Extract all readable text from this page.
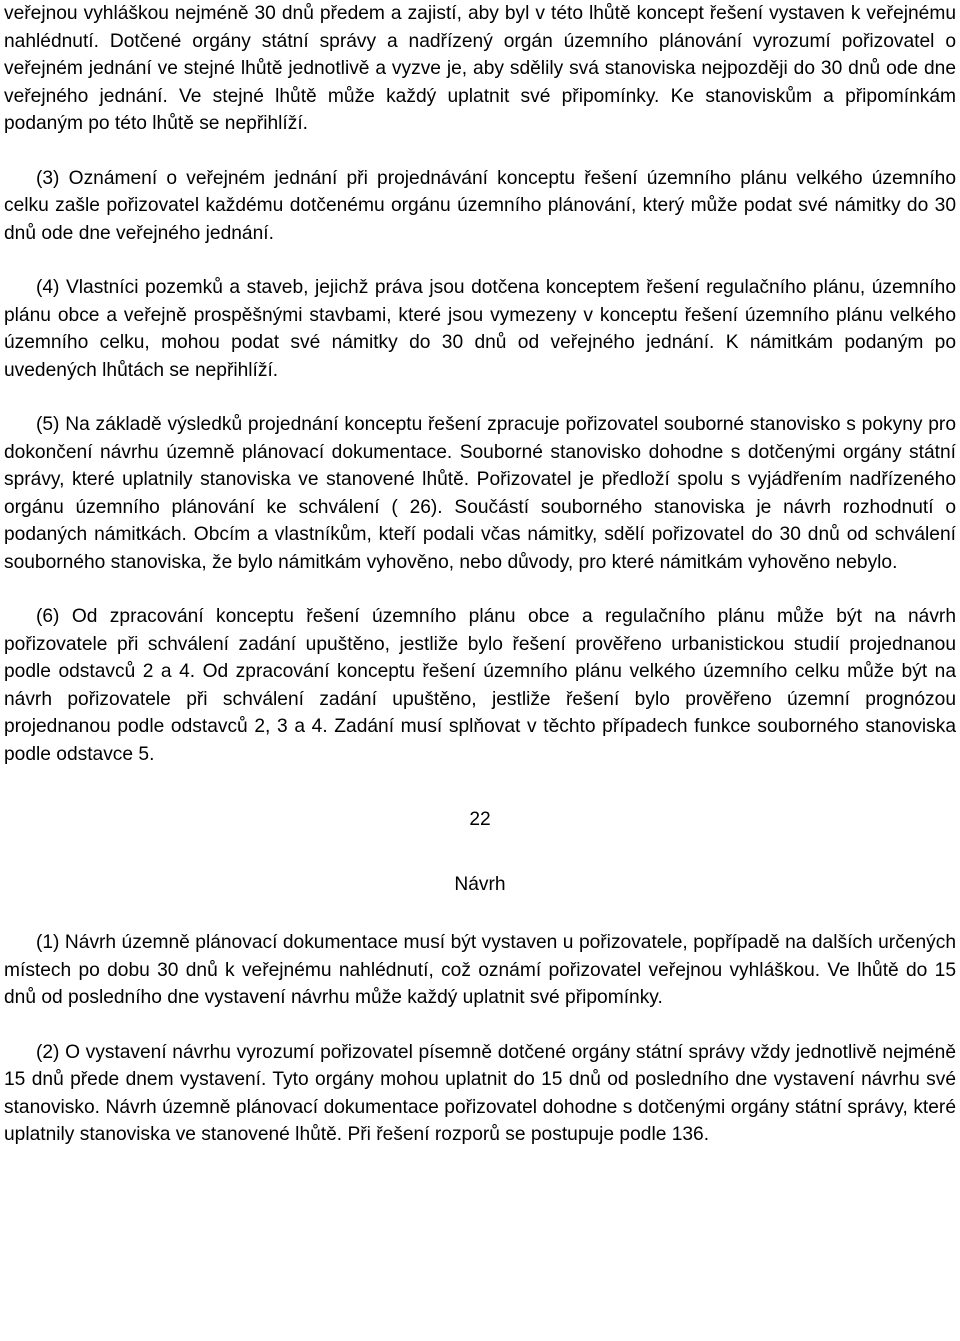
veřejnou vyhláškou nejméně 30 dnů předem a zajistí, aby byl v této lhůtě koncept řešení vystaven k veřejnému nahlédnutí. Dotčené orgány státní správy a nadřízený orgán územního plánování vyrozumí pořizovatel o veřejném jednání ve stejné lhůtě jednotlivě a vyzve je, aby sdělily svá stanoviska nejpozději do 30 dnů ode dne veřejného jednání. Ve stejné lhůtě může každý uplatnit své připomínky. Ke stanoviskům a připomínkám podaným po této lhůtě se nepřihlíží.

(3) Oznámení o veřejném jednání při projednávání konceptu řešení územního plánu velkého územního celku zašle pořizovatel každému dotčenému orgánu územního plánování, který může podat své námitky do 30 dnů ode dne veřejného jednání.

(4) Vlastníci pozemků a staveb, jejichž práva jsou dotčena konceptem řešení regulačního plánu, územního plánu obce a veřejně prospěšnými stavbami, které jsou vymezeny v konceptu řešení územního plánu velkého územního celku, mohou podat své námitky do 30 dnů od veřejného jednání. K námitkám podaným po uvedených lhůtách se nepřihlíží.

(5) Na základě výsledků projednání konceptu řešení zpracuje pořizovatel souborné stanovisko s pokyny pro dokončení návrhu územně plánovací dokumentace. Souborné stanovisko dohodne s dotčenými orgány státní správy, které uplatnily stanoviska ve stanovené lhůtě. Pořizovatel je předloží spolu s vyjádřením nadřízeného orgánu územního plánování ke schválení ( 26). Součástí souborného stanoviska je návrh rozhodnutí o podaných námitkách. Obcím a vlastníkům, kteří podali včas námitky, sdělí pořizovatel do 30 dnů od schválení souborného stanoviska, že bylo námitkám vyhověno, nebo důvody, pro které námitkám vyhověno nebylo.

(6) Od zpracování konceptu řešení územního plánu obce a regulačního plánu může být na návrh pořizovatele při schválení zadání upuštěno, jestliže bylo řešení prověřeno urbanistickou studií projednanou podle odstavců 2 a 4. Od zpracování konceptu řešení územního plánu velkého územního celku může být na návrh pořizovatele při schválení zadání upuštěno, jestliže řešení bylo prověřeno územní prognózou projednanou podle odstavců 2, 3 a 4. Zadání musí splňovat v těchto případech funkce souborného stanoviska podle odstavce 5.

22

Návrh

(1) Návrh územně plánovací dokumentace musí být vystaven u pořizovatele, popřípadě na dalších určených místech po dobu 30 dnů k veřejnému nahlédnutí, což oznámí pořizovatel veřejnou vyhláškou. Ve lhůtě do 15 dnů od posledního dne vystavení návrhu může každý uplatnit své připomínky.

(2) O vystavení návrhu vyrozumí pořizovatel písemně dotčené orgány státní správy vždy jednotlivě nejméně 15 dnů přede dnem vystavení. Tyto orgány mohou uplatnit do 15 dnů od posledního dne vystavení návrhu své stanovisko. Návrh územně plánovací dokumentace pořizovatel dohodne s dotčenými orgány státní správy, které uplatnily stanoviska ve stanovené lhůtě. Při řešení rozporů se postupuje podle 136.
